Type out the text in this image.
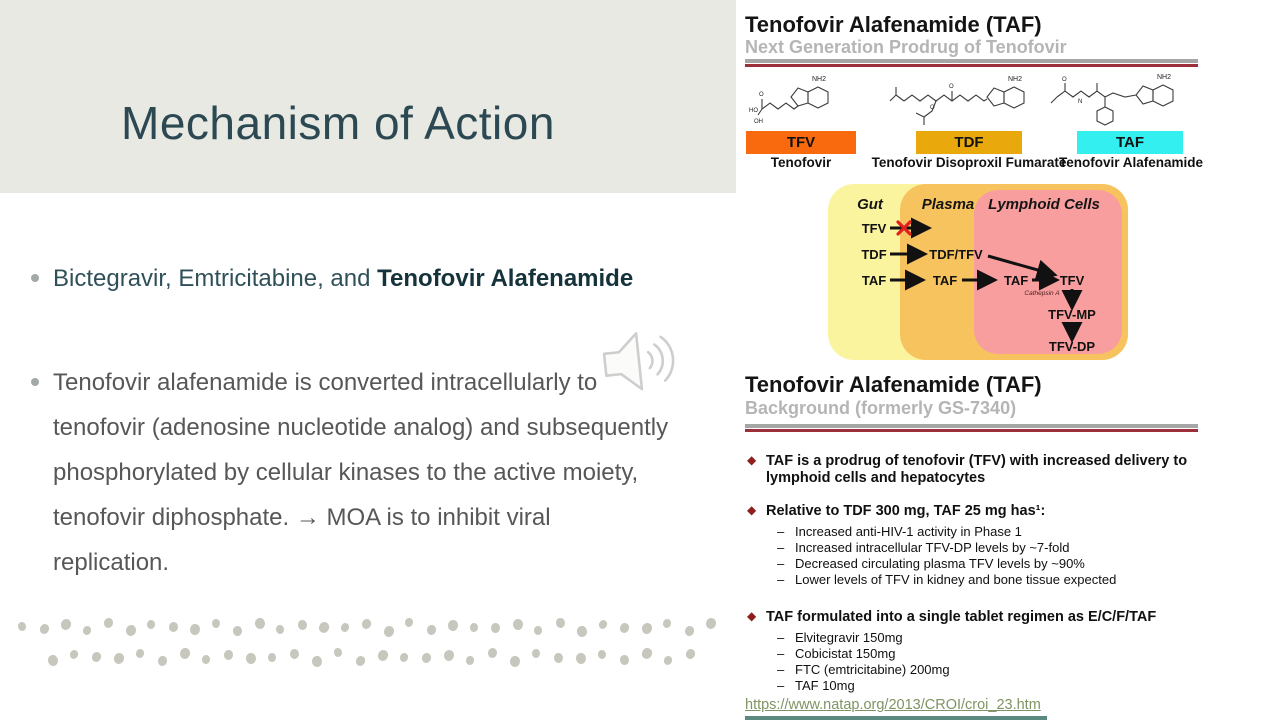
Mechanism of Action
Bictegravir, Emtricitabine, and Tenofovir Alafenamide
Tenofovir alafenamide is converted intracellularly to tenofovir (adenosine nucleotide analog) and subsequently phosphorylated by cellular kinases to the active moiety, tenofovir diphosphate. → MOA is to inhibit viral replication.
Tenofovir Alafenamide (TAF)
Next Generation Prodrug of Tenofovir
NH2
HO
O
OH
NH2
O
O
NH2
N
O
TFV	TDF	TAF
Tenofovir	Tenofovir Disoproxil Fumarate
Tenofovir Alafenamide
Gut	Plasma Lymphoid Cells
TFV
TDF	TDF/TFV
TAF	TAF	TAF
Cathepsin A
TFV
TFV-MP
TFV-DP
Tenofovir Alafenamide (TAF)
Background (formerly GS-7340)
◆ TAF is a prodrug of tenofovir (TFV) with increased delivery to lymphoid cells and hepatocytes
◆ Relative to TDF 300 mg, TAF 25 mg has¹:
– Increased anti-HIV-1 activity in Phase 1
– Increased intracellular TFV-DP levels by ~7-fold
– Decreased circulating plasma TFV levels by ~90%
– Lower levels of TFV in kidney and bone tissue expected
◆ TAF formulated into a single tablet regimen as E/C/F/TAF
– Elvitegravir 150mg
– Cobicistat 150mg
– FTC (emtricitabine) 200mg
– TAF 10mg
https://www.natap.org/2013/CROI/croi_23.htm
